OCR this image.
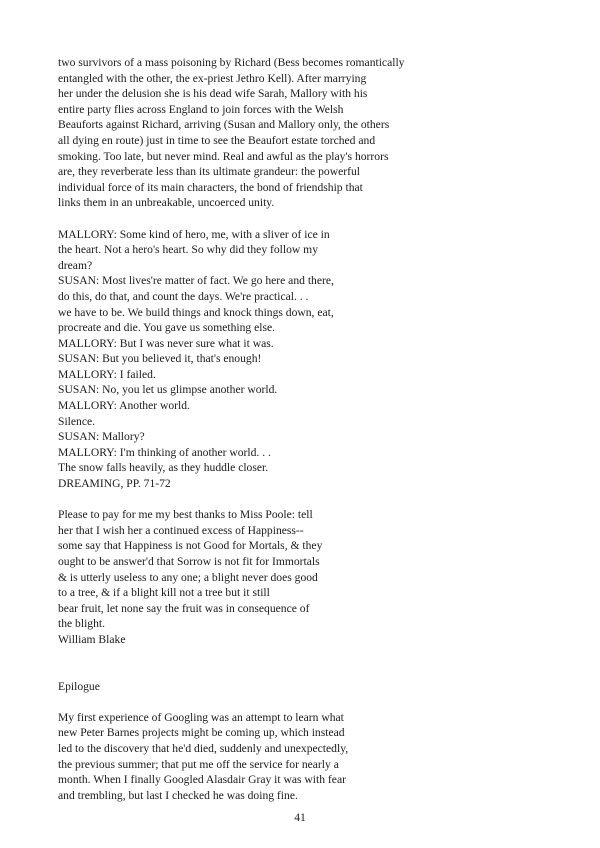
two survivors of a mass poisoning by Richard (Bess becomes romantically
entangled with the other, the ex-priest Jethro Kell). After marrying
her under the delusion she is his dead wife Sarah, Mallory with his
entire party flies across England to join forces with the Welsh
Beauforts against Richard, arriving (Susan and Mallory only, the others
all dying en route) just in time to see the Beaufort estate torched and
smoking. Too late, but never mind. Real and awful as the play's horrors
are, they reverberate less than its ultimate grandeur: the powerful
individual force of its main characters, the bond of friendship that
links them in an unbreakable, uncoerced unity.
MALLORY: Some kind of hero, me, with a sliver of ice in
the heart. Not a hero's heart. So why did they follow my
dream?
SUSAN: Most lives're matter of fact. We go here and there,
do this, do that, and count the days. We're practical. . .
we have to be. We build things and knock things down, eat,
procreate and die. You gave us something else.
MALLORY: But I was never sure what it was.
SUSAN: But you believed it, that's enough!
MALLORY: I failed.
SUSAN: No, you let us glimpse another world.
MALLORY: Another world.
Silence.
SUSAN: Mallory?
MALLORY: I'm thinking of another world. . .
The snow falls heavily, as they huddle closer.
DREAMING, PP. 71-72
Please to pay for me my best thanks to Miss Poole: tell
her that I wish her a continued excess of Happiness--
some say that Happiness is not Good for Mortals, & they
ought to be answer'd that Sorrow is not fit for Immortals
& is utterly useless to any one; a blight never does good
to a tree, & if a blight kill not a tree but it still
bear fruit, let none say the fruit was in consequence of
the blight.
William Blake
Epilogue
My first experience of Googling was an attempt to learn what
new Peter Barnes projects might be coming up, which instead
led to the discovery that he'd died, suddenly and unexpectedly,
the previous summer; that put me off the service for nearly a
month. When I finally Googled Alasdair Gray it was with fear
and trembling, but last I checked he was doing fine.
41
